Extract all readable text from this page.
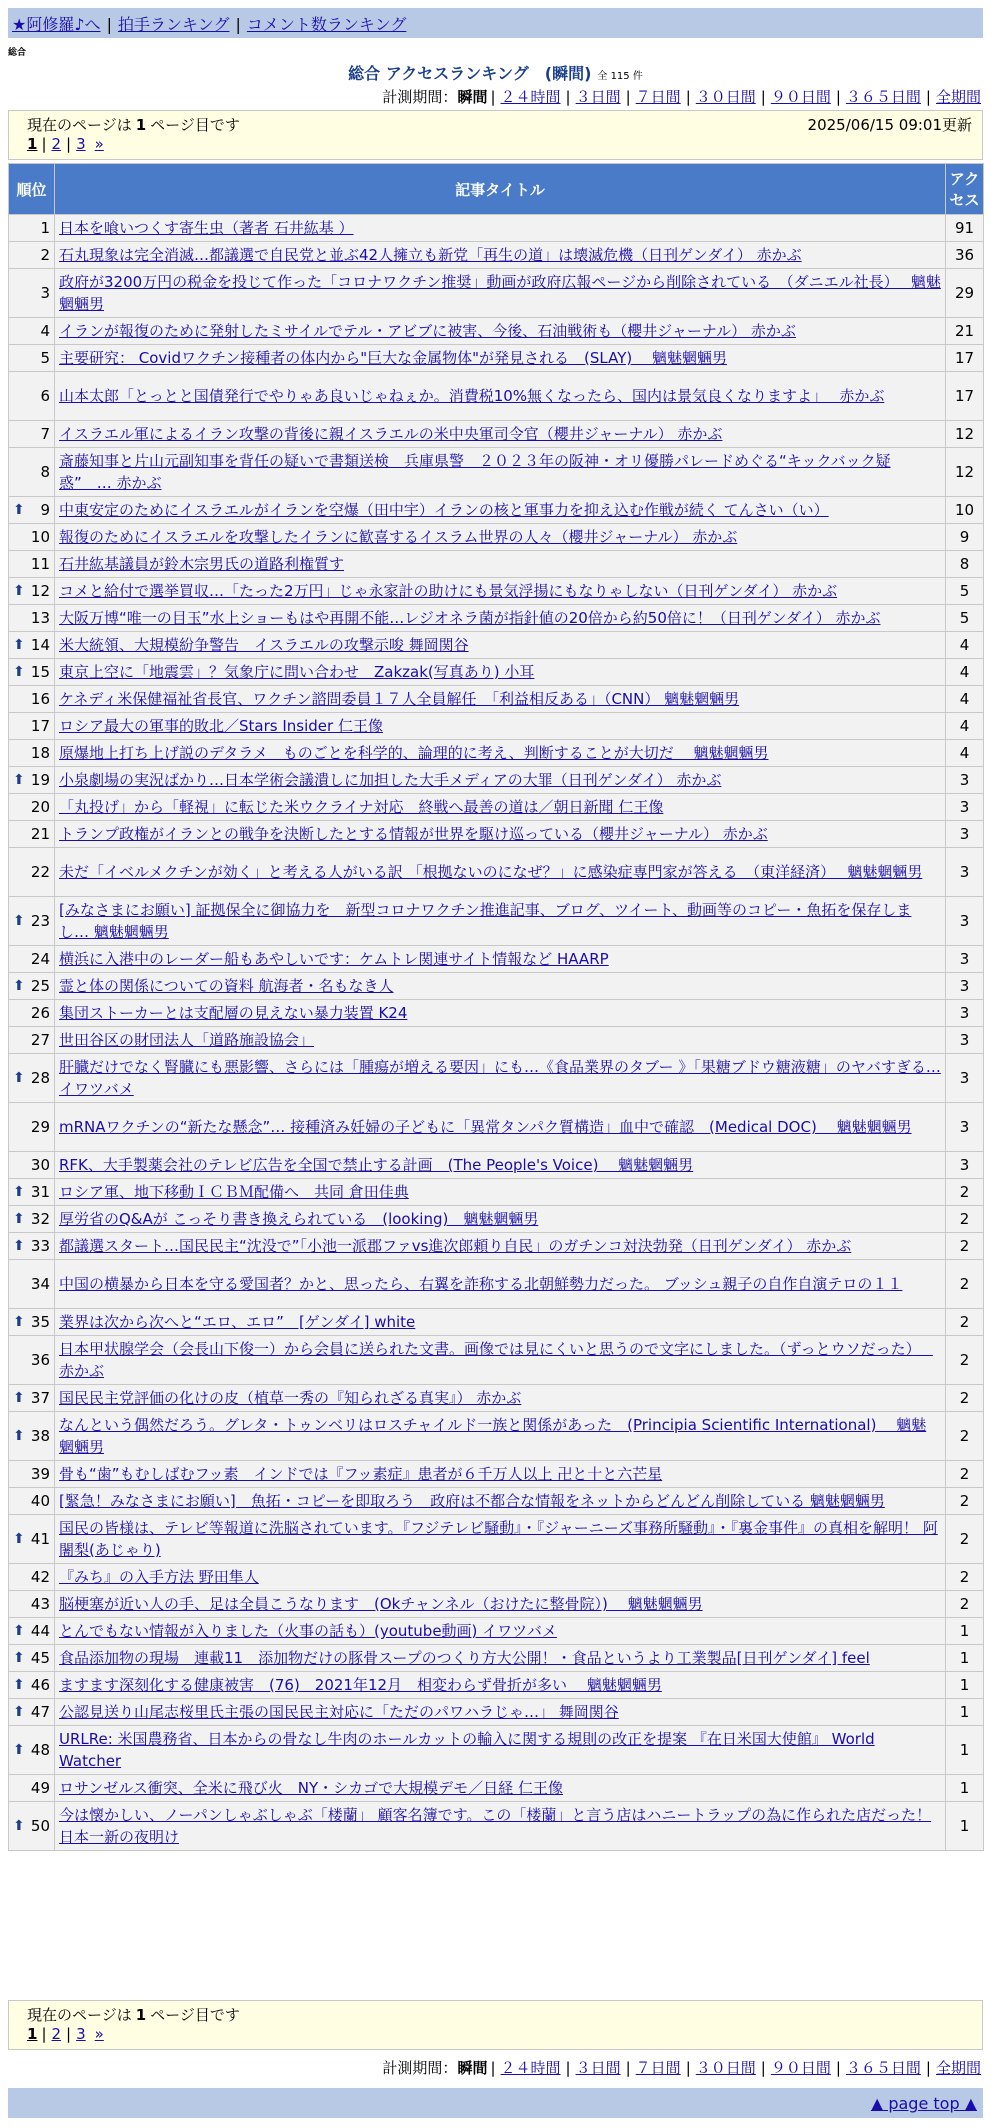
★阿修羅♪へ | 拍手ランキング | コメント数ランキング
総合
総合 アクセスランキング　(瞬間) 全 115 件
計測期間：瞬間 | ２４時間 | ３日間 | ７日間 | ３０日間 | ９０日間 | ３６５日間 | 全期間
現在のページは 1 ページ目です	2025/06/15 09:01更新
1 | 2 | 3 »
順位	記事タイトル	アクセス
1	日本を喰いつくす寄生虫（著者 石井紘基 ）	91
2	石丸現象は完全消滅…都議選で自民党と並ぶ42人擁立も新党「再生の道」は壊滅危機（日刊ゲンダイ） 赤かぶ	36
3	政府が3200万円の税金を投じて作った「コロナワクチン推奨」動画が政府広報ページから削除されている　（ダニエル社長）　 魑魅魍魎男	29
4	イランが報復のために発射したミサイルでテル・アビブに被害、今後、石油戦術も（櫻井ジャーナル） 赤かぶ	21
5	主要研究： Covidワクチン接種者の体内から"巨大な金属物体"が発見される　(SLAY)　 魑魅魍魎男	17
6	山本太郎「とっとと国債発行でやりゃあ良いじゃねぇか。消費税10%無くなったら、国内は景気良くなりますよ」　 赤かぶ	17
7	イスラエル軍によるイラン攻撃の背後に親イスラエルの米中央軍司令官（櫻井ジャーナル） 赤かぶ	12
8	斎藤知事と片山元副知事を背任の疑いで書類送検　兵庫県警　２０２３年の阪神・オリ優勝パレードめぐる“キックバック疑惑”　… 赤かぶ	12

⬆ 9	中東安定のためにイスラエルがイランを空爆（田中宇）イランの核と軍事力を抑え込む作戦が続く てんさい（い）	10
10	報復のためにイスラエルを攻撃したイランに歓喜するイスラム世界の人々（櫻井ジャーナル） 赤かぶ	9
11	石井紘基議員が鈴木宗男氏の道路利権質す	8

⬆ 12	コメと給付で選挙買収…「たった2万円」じゃ永家計の助けにも景気浮揚にもなりゃしない（日刊ゲンダイ） 赤かぶ	5
13	大阪万博“唯一の目玉”水上ショーもはや再開不能…レジオネラ菌が指針値の20倍から約50倍に！（日刊ゲンダイ） 赤かぶ	5

⬆ 14	米大統領、大規模紛争警告　イスラエルの攻撃示唆 舞岡関谷	4

⬆ 15	東京上空に「地震雲」？気象庁に問い合わせ　Zakzak(写真あり) 小耳	4
16	ケネディ米保健福祉省長官、ワクチン諮問委員１７人全員解任　「利益相反ある」（CNN） 魑魅魍魎男	4
17	ロシア最大の軍事的敗北／Stars Insider 仁王像	4
18	原爆地上打ち上げ説のデタラメ　ものごとを科学的、論理的に考え、判断することが大切だ　 魑魅魍魎男	4

⬆ 19	小泉劇場の実況ばかり…日本学術会議潰しに加担した大手メディアの大罪（日刊ゲンダイ） 赤かぶ	3
20	「丸投げ」から「軽視」に転じた米ウクライナ対応　終戦へ最善の道は／朝日新聞 仁王像	3
21	トランプ政権がイランとの戦争を決断したとする情報が世界を駆け巡っている（櫻井ジャーナル） 赤かぶ	3
22	未だ「イベルメクチンが効く」と考える人がいる訳 「根拠ないのになぜ？」に感染症専門家が答える　（東洋経済）　 魑魅魍魎男	3

⬆ 23	[みなさまにお願い] 証拠保全に御協力を　新型コロナワクチン推進記事、ブログ、ツイート、動画等のコピー・魚拓を保存しまし… 魑魅魍魎男	3
24	横浜に入港中のレーダー船もあやしいです：ケムトレ関連サイト情報など HAARP	3

⬆ 25	霊と体の関係についての資料 航海者・名もなき人	3
26	集団ストーカーとは支配層の見えない暴力装置 K24	3
27	世田谷区の財団法人「道路施設協会」	3

⬆ 28	肝臓だけでなく腎臓にも悪影響、さらには「腫瘍が増える要因」にも…《食品業界のタブー 》「果糖ブドウ糖液糖」のヤバすぎる… イワツバメ	3
29	mRNAワクチンの“新たな懸念”… 接種済み妊婦の子どもに「異常タンパク質構造」血中で確認　(Medical DOC)　 魑魅魍魎男	3
30	RFK、大手製薬会社のテレビ広告を全国で禁止する計画　(The People's Voice)　 魑魅魍魎男	3

⬆ 31	ロシア軍、地下移動ＩＣＢＭ配備へ　共同 倉田佳典	2

⬆ 32	厚労省のQ&Aが こっそり書き換えられている　(looking)　魑魅魍魎男	2

⬆ 33	都議選スタート…国民民主“沈没で”「小池一派郡ファvs進次郎頼り自民」のガチンコ対決勃発（日刊ゲンダイ） 赤かぶ	2
34	中国の横暴から日本を守る愛国者？かと、思ったら、右翼を詐称する北朝鮮勢力だった。 ブッシュ親子の自作自演テロの１１	2

⬆ 35	業界は次から次へと“エロ、エロ”　[ゲンダイ] white	2
36	日本甲状腺学会（会長山下俊一）から会員に送られた文書。画像では見にくいと思うので文字にしました。（ずっとウソだった）　 赤かぶ	2

⬆ 37	国民民主党評価の化けの皮（植草一秀の『知られざる真実』） 赤かぶ	2

⬆ 38	なんという偶然だろう。グレタ・トゥンベリはロスチャイルド一族と関係があった　(Principia Scientific International)　 魑魅魍魎男	2
39	骨も“歯”もむしばむフッ素　インドでは『フッ素症』患者が６千万人以上 卍と十と六芒星	2
40	[緊急！みなさまにお願い]　魚拓・コピーを即取ろう　政府は不都合な情報をネットからどんどん削除している 魑魅魍魎男	2

⬆ 41	国民の皆様は、テレビ等報道に洗脳されています。『フジテレビ騒動』・『ジャーニーズ事務所騒動』・『裏金事件』の真相を解明！ 阿闍梨(あじゃり)	2
42	『みち』の入手方法 野田隼人	2
43	脳梗塞が近い人の手、足は全員こうなります　(Okチャンネル（おけたに整骨院）)　 魑魅魍魎男	2

⬆ 44	とんでもない情報が入りました（火事の話も）(youtube動画) イワツバメ	1

⬆ 45	食品添加物の現場　連載11　添加物だけの豚骨スープのつくり方大公開！・食品というより工業製品[日刊ゲンダイ] feel	1

⬆ 46	ますます深刻化する健康被害　(76)　2021年12月　相変わらず骨折が多い　 魑魅魍魎男	1

⬆ 47	公認見送り山尾志桜里氏主張の国民民主対応に「ただのパワハラじゃ…」 舞岡関谷	1

⬆ 48	URLRe: 米国農務省、日本からの骨なし牛肉のホールカットの輸入に関する規則の改正を提案 『在日米国大使館』 World Watcher	1
49	ロサンゼルス衝突、全米に飛び火　NY・シカゴで大規模デモ／日経 仁王像	1

⬆ 50	今は懐かしい、ノーパンしゃぶしゃぶ「楼蘭」 顧客名簿です。この「楼蘭」と言う店はハニートラップの為に作られた店だった！ 日本一新の夜明け	1
現在のページは 1 ページ目です
1 | 2 | 3 »
計測期間：瞬間 | ２４時間 | ３日間 | ７日間 | ３０日間 | ９０日間 | ３６５日間 | 全期間
▲ page top ▲
